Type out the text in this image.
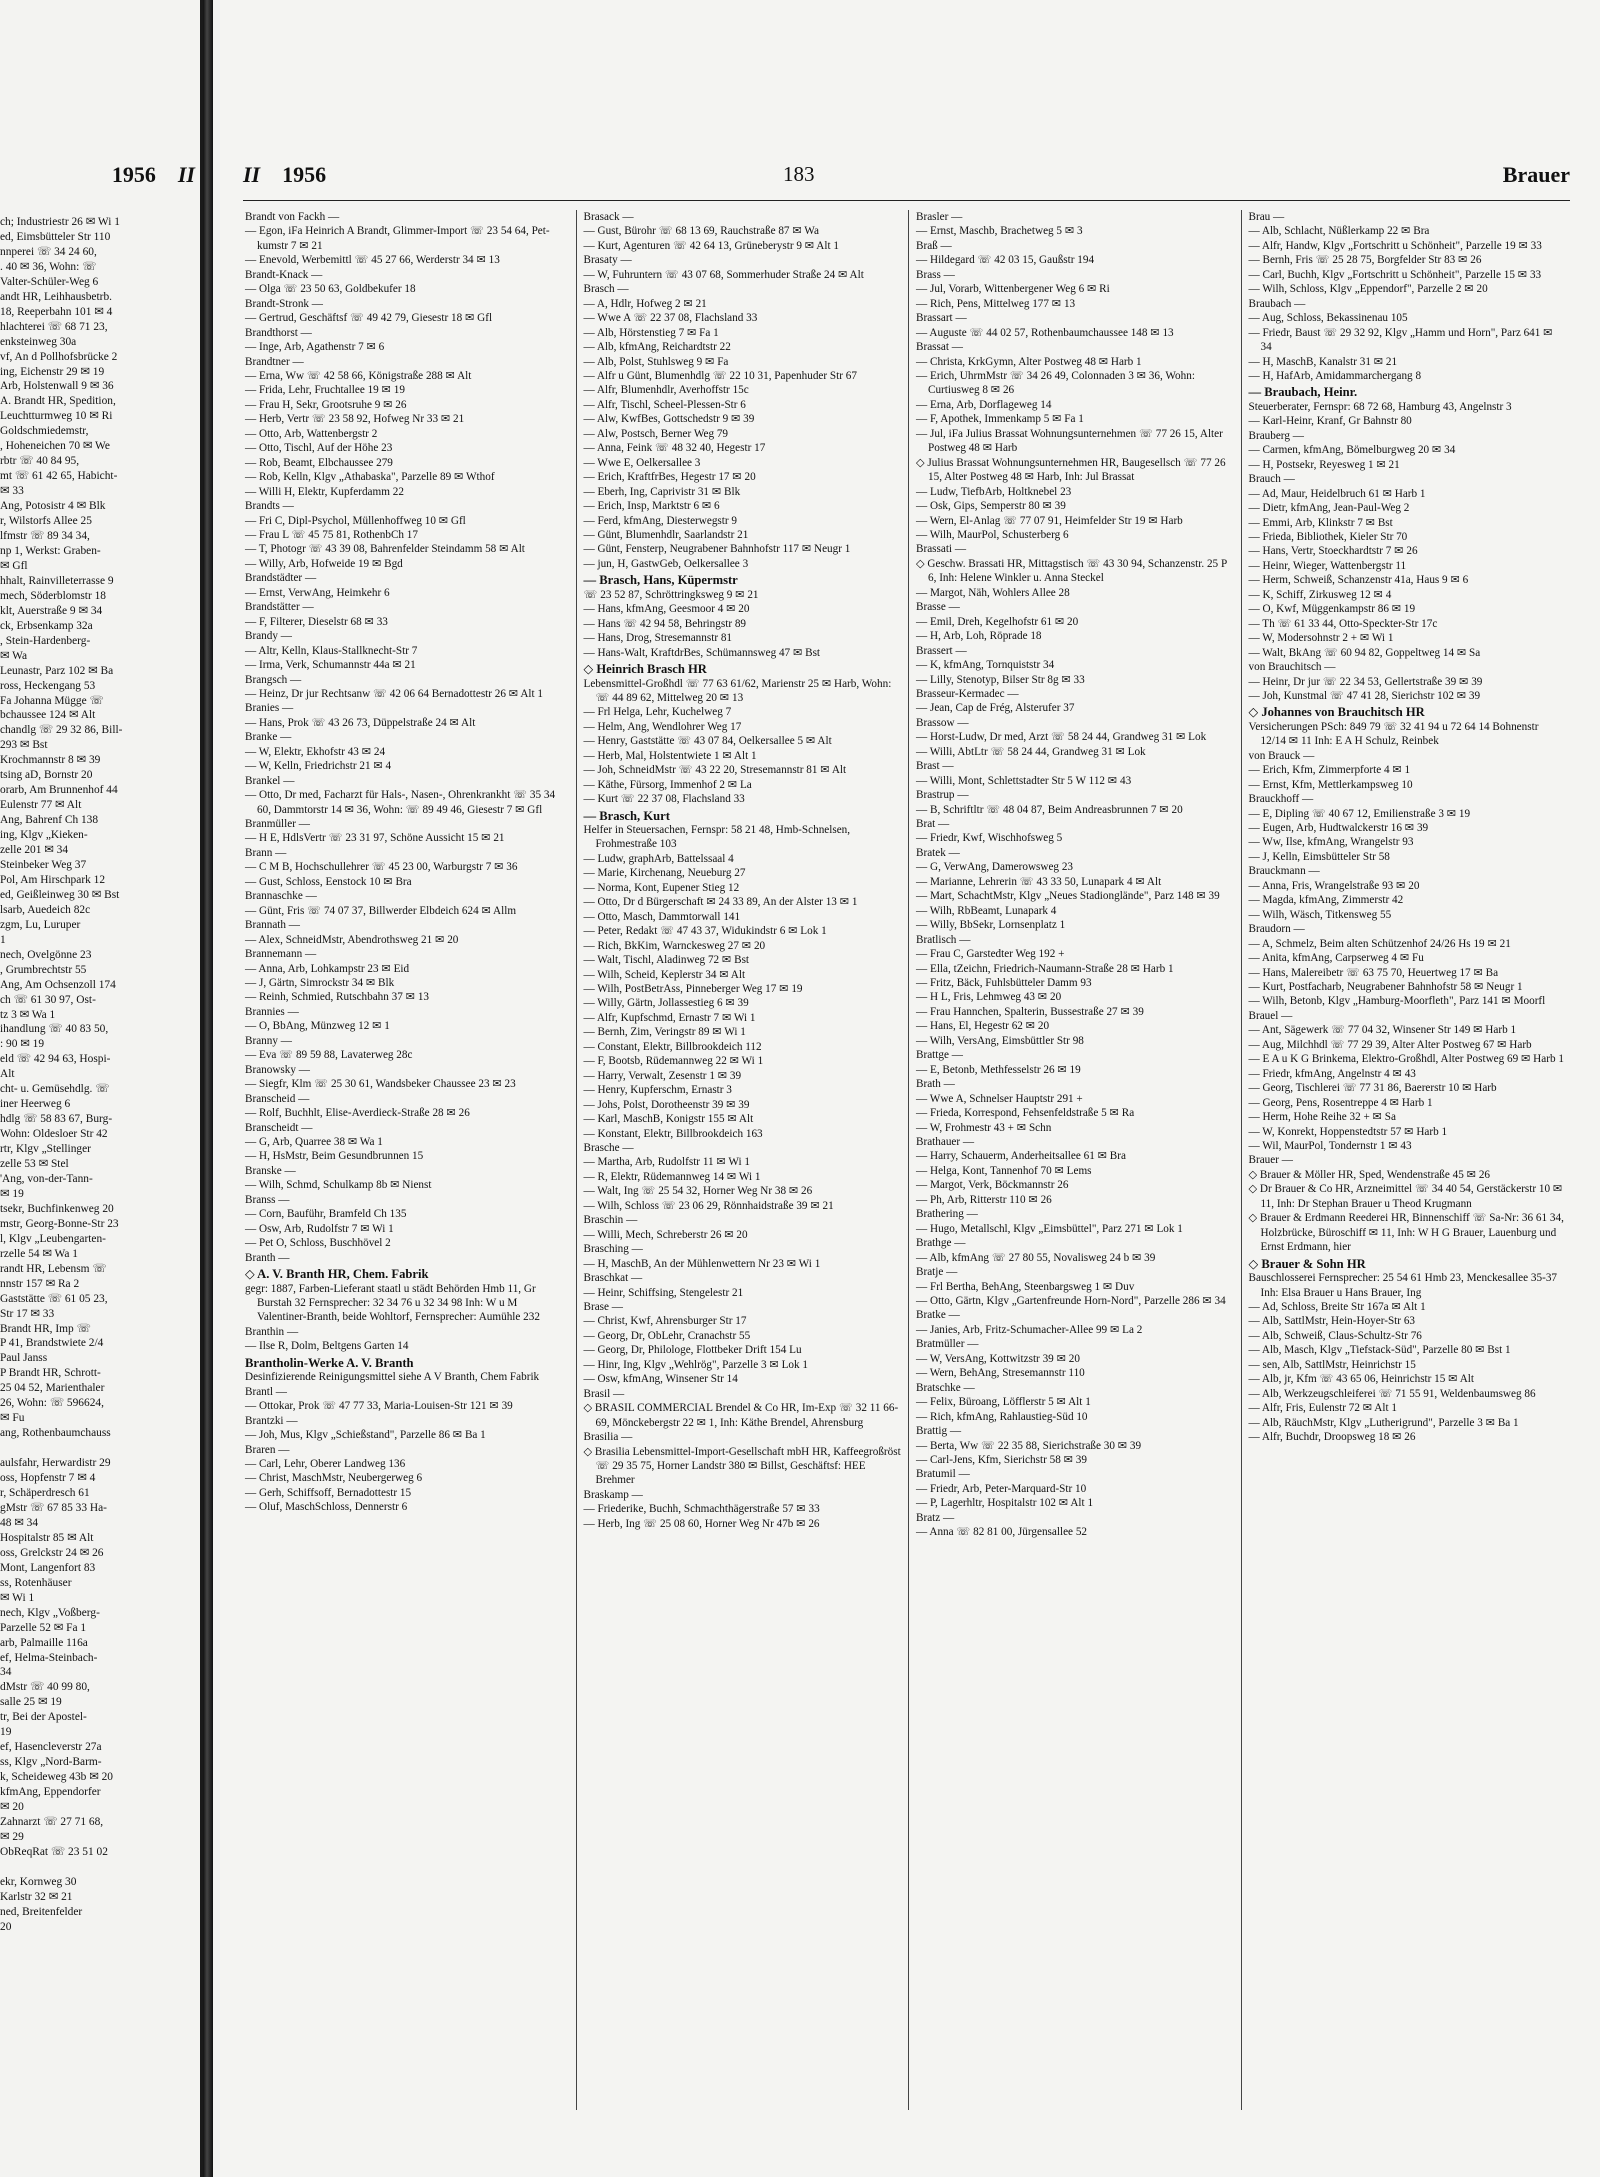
1956 II
ch; Industriestr 26 ✉ Wi 1
ed, Eimsbütteler Str 110
nnperei ☏ 34 24 60,
. 40 ✉ 36, Wohn: ☏
Valter-Schüler-Weg 6
andt HR, Leihhausbetrb.
18, Reeperbahn 101 ✉ 4
hlachterei ☏ 68 71 23,
enksteinweg 30a
vf, An d Pollhofsbrücke 2
ing, Eichenstr 29 ✉ 19
Arb, Holstenwall 9 ✉ 36
A. Brandt HR, Spedition,
Leuchtturmweg 10 ✉ Ri
Goldschmiedemstr,
, Hoheneichen 70 ✉ We
rbtr ☏ 40 84 95,
mt ☏ 61 42 65, Habicht-
✉ 33
Ang, Potosistr 4 ✉ Blk
r, Wilstorfs Allee 25
lfmstr ☏ 89 34 34,
np 1, Werkst: Graben-
✉ Gfl
hhalt, Rainvilleterrasse 9
mech, Söderblomstr 18
klt, Auerstraße 9 ✉ 34
ck, Erbsenkamp 32a
, Stein-Hardenberg-
✉ Wa
Leunastr, Parz 102 ✉ Ba
ross, Heckengang 53
Fa Johanna Mügge ☏
bchaussee 124 ✉ Alt
chandlg ☏ 29 32 86, Bill-
293 ✉ Bst
Krochmannstr 8 ✉ 39
tsing aD, Bornstr 20
orarb, Am Brunnenhof 44
Eulenstr 77 ✉ Alt
Ang, Bahrenf Ch 138
ing, Klgv „Kieken-
zelle 201 ✉ 34
Steinbeker Weg 37
Pol, Am Hirschpark 12
ed, Geißleinweg 30 ✉ Bst
lsarb, Auedeich 82c
zgm, Lu, Luruper
1
nech, Ovelgönne 23
, Grumbrechtstr 55
Ang, Am Ochsenzoll 174
ch ☏ 61 30 97, Ost-
tz 3 ✉ Wa 1
ihandlung ☏ 40 83 50,
: 90 ✉ 19
eld ☏ 42 94 63, Hospi-
Alt
cht- u. Gemüsehdlg. ☏
iner Heerweg 6
hdlg ☏ 58 83 67, Burg-
Wohn: Oldesloer Str 42
rtr, Klgv „Stellinger
zelle 53 ✉ Stel
'Ang, von-der-Tann-
✉ 19
tsekr, Buchfinkenweg 20
mstr, Georg-Bonne-Str 23
l, Klgv „Leubengarten-
rzelle 54 ✉ Wa 1
randt HR, Lebensm ☏
nnstr 157 ✉ Ra 2
Gaststätte ☏ 61 05 23,
Str 17 ✉ 33
Brandt HR, Imp ☏
P 41, Brandstwiete 2/4
Paul Janss
P Brandt HR, Schrott-
25 04 52, Marienthaler
26, Wohn: ☏ 596624,
✉ Fu
ang, Rothenbaumchauss

aulsfahr, Herwardistr 29
oss, Hopfenstr 7 ✉ 4
r, Schäperdresch 61
gMstr ☏ 67 85 33 Ha-
48 ✉ 34
Hospitalstr 85 ✉ Alt
oss, Grelckstr 24 ✉ 26
Mont, Langenfort 83
ss, Rotenhäuser
✉ Wi 1
nech, Klgv „Voßberg-
Parzelle 52 ✉ Fa 1
arb, Palmaille 116a
ef, Helma-Steinbach-
34
dMstr ☏ 40 99 80,
salle 25 ✉ 19
tr, Bei der Apostel-
19
ef, Hasencleverstr 27a
ss, Klgv „Nord-Barm-
k, Scheideweg 43b ✉ 20
kfmAng, Eppendorfer
✉ 20
Zahnarzt ☏ 27 71 68,
✉ 29
ObReqRat ☏ 23 51 02

ekr, Kornweg 30
Karlstr 32 ✉ 21
ned, Breitenfelder
20
II 1956	183	Brauer
Brandt von Fackh —
— Egon, iFa Heinrich A Brandt, Glimmer-Import ☏ 23 54 64, Pet-kumstr 7 ✉ 21
— Enevold, Werbemittl ☏ 45 27 66, Werderstr 34 ✉ 13
Brandt-Knack —
— Olga ☏ 23 50 63, Goldbekufer 18
Brandt-Stronk —
— Gertrud, Geschäftsf ☏ 49 42 79, Giesestr 18 ✉ Gfl
Brandthorst —
— Inge, Arb, Agathenstr 7 ✉ 6
Brandtner —
— Erna, Ww ☏ 42 58 66, Königstraße 288 ✉ Alt
— Frida, Lehr, Fruchtallee 19 ✉ 19
— Frau H, Sekr, Grootsruhe 9 ✉ 26
— Herb, Vertr ☏ 23 58 92, Hofweg Nr 33 ✉ 21
— Otto, Arb, Wattenbergstr 2
— Otto, Tischl, Auf der Höhe 23
— Rob, Beamt, Elbchaussee 279
— Rob, Kelln, Klgv „Athabaska", Parzelle 89 ✉ Wthof
— Willi H, Elektr, Kupferdamm 22
Brandts —
— Fri C, Dipl-Psychol, Müllenhoffweg 10 ✉ Gfl
— Frau L ☏ 45 75 81, RothenbCh 17
— T, Photogr ☏ 43 39 08, Bahrenfelder Steindamm 58 ✉ Alt
— Willy, Arb, Hofweide 19 ✉ Bgd
Brandstädter —
— Ernst, VerwAng, Heimkehr 6
Brandstätter —
— F, Filterer, Dieselstr 68 ✉ 33
Brandy —
— Altr, Kelln, Klaus-Stallknecht-Str 7
— Irma, Verk, Schumannstr 44a ✉ 21
Brangsch —
— Heinz, Dr jur Rechtsanw ☏ 42 06 64 Bernadottestr 26 ✉ Alt 1
Branies —
— Hans, Prok ☏ 43 26 73, Düppelstraße 24 ✉ Alt
Branke —
— W, Elektr, Ekhofstr 43 ✉ 24
— W, Kelln, Friedrichstr 21 ✉ 4
Brankel —
— Otto, Dr med, Facharzt für Hals-, Nasen-, Ohrenkrankht ☏ 35 34 60, Dammtorstr 14 ✉ 36, Wohn: ☏ 89 49 46, Giesestr 7 ✉ Gfl
Branmüller —
— H E, HdlsVertr ☏ 23 31 97, Schöne Aussicht 15 ✉ 21
Brann —
— C M B, Hochschullehrer ☏ 45 23 00, Warburgstr 7 ✉ 36
— Gust, Schloss, Eenstock 10 ✉ Bra
Brannaschke —
— Günt, Fris ☏ 74 07 37, Billwerder Elbdeich 624 ✉ Allm
Brannath —
— Alex, SchneidMstr, Abendrothsweg 21 ✉ 20
Brannemann —
— Anna, Arb, Lohkampstr 23 ✉ Eid
— J, Gärtn, Simrockstr 34 ✉ Blk
— Reinh, Schmied, Rutschbahn 37 ✉ 13
Brannies —
— O, BbAng, Münzweg 12 ✉ 1
Branny —
— Eva ☏ 89 59 88, Lavaterweg 28c
Branowsky —
— Siegfr, Klm ☏ 25 30 61, Wandsbeker Chaussee 23 ✉ 23
Branscheid —
— Rolf, Buchhlt, Elise-Averdieck-Straße 28 ✉ 26
Branscheidt —
— G, Arb, Quarree 38 ✉ Wa 1
— H, HsMstr, Beim Gesundbrunnen 15
Branske —
— Wilh, Schmd, Schulkamp 8b ✉ Nienst
Branss —
— Corn, Bauführ, Bramfeld Ch 135
— Osw, Arb, Rudolfstr 7 ✉ Wi 1
— Pet O, Schloss, Buschhövel 2
Branth —
◇ A. V. Branth HR, Chem. Fabrik
gegr: 1887, Farben-Lieferant staatl u städt Behörden Hmb 11, Gr Burstah 32 Fernsprecher: 32 34 76 u 32 34 98 Inh: W u M Valentiner-Branth, beide Wohltorf, Fernsprecher: Aumühle 232
Branthin —
— Ilse R, Dolm, Beltgens Garten 14
Brantholin-Werke A. V. Branth
Desinfizierende Reinigungsmittel siehe A V Branth, Chem Fabrik
Brantl —
— Ottokar, Prok ☏ 47 77 33, Maria-Louisen-Str 121 ✉ 39
Brantzki —
— Joh, Mus, Klgv „Schießstand", Parzelle 86 ✉ Ba 1
Braren —
— Carl, Lehr, Oberer Landweg 136
— Christ, MaschMstr, Neubergerweg 6
— Gerh, Schiffsoff, Bernadottestr 15
— Oluf, MaschSchloss, Dennerstr 6
Brasack —
— Gust, Bürohr ☏ 68 13 69, Rauchstraße 87 ✉ Wa
— Kurt, Agenturen ☏ 42 64 13, Grüneberystr 9 ✉ Alt 1
Brasaty —
— W, Fuhruntern ☏ 43 07 68, Sommerhuder Straße 24 ✉ Alt
Brasch —
— A, Hdlr, Hofweg 2 ✉ 21
— Wwe A ☏ 22 37 08, Flachsland 33
— Alb, Hörstenstieg 7 ✉ Fa 1
— Alb, kfmAng, Reichardtstr 22
— Alb, Polst, Stuhlsweg 9 ✉ Fa
— Alfr u Günt, Blumenhdlg ☏ 22 10 31, Papenhuder Str 67
— Alfr, Blumenhdlr, Averhoffstr 15c
— Alfr, Tischl, Scheel-Plessen-Str 6
— Alw, KwfBes, Gottschedstr 9 ✉ 39
— Alw, Postsch, Berner Weg 79
— Anna, Feink ☏ 48 32 40, Hegestr 17
— Wwe E, Oelkersallee 3
— Erich, KraftfrBes, Hegestr 17 ✉ 20
— Eberh, Ing, Caprivistr 31 ✉ Blk
— Erich, Insp, Marktstr 6 ✉ 6
— Ferd, kfmAng, Diesterwegstr 9
— Günt, Blumenhdlr, Saarlandstr 21
— Günt, Fensterp, Neugrabener Bahnhofstr 117 ✉ Neugr 1
— jun, H, GastwGeb, Oelkersallee 3
— Brasch, Hans, Küpermstr
☏ 23 52 87, Schröttringksweg 9 ✉ 21
— Hans, kfmAng, Geesmoor 4 ✉ 20
— Hans ☏ 42 94 58, Behringstr 89
— Hans, Drog, Stresemannstr 81
— Hans-Walt, KraftdrBes, Schümannsweg 47 ✉ Bst
◇ Heinrich Brasch HR
Lebensmittel-Großhdl ☏ 77 63 61/62, Marienstr 25 ✉ Harb, Wohn: ☏ 44 89 62, Mittelweg 20 ✉ 13
— Frl Helga, Lehr, Kuchelweg 7
— Helm, Ang, Wendlohrer Weg 17
— Henry, Gaststätte ☏ 43 07 84, Oelkersallee 5 ✉ Alt
— Herb, Mal, Holstentwiete 1 ✉ Alt 1
— Joh, SchneidMstr ☏ 43 22 20, Stresemannstr 81 ✉ Alt
— Käthe, Fürsorg, Immenhof 2 ✉ La
— Kurt ☏ 22 37 08, Flachsland 33
— Brasch, Kurt
Helfer in Steuersachen, Fernspr: 58 21 48, Hmb-Schnelsen, Frohmestraße 103
— Ludw, graphArb, Battelssaal 4
— Marie, Kirchenang, Neueburg 27
— Norma, Kont, Eupener Stieg 12
— Otto, Dr d Bürgerschaft ✉ 24 33 89, An der Alster 13 ✉ 1
— Otto, Masch, Dammtorwall 141
— Peter, Redakt ☏ 47 43 37, Widukindstr 6 ✉ Lok 1
— Rich, BkKim, Warnckesweg 27 ✉ 20
— Walt, Tischl, Aladinweg 72 ✉ Bst
— Wilh, Scheid, Keplerstr 34 ✉ Alt
— Wilh, PostBetrAss, Pinneberger Weg 17 ✉ 19
— Willy, Gärtn, Jollassestieg 6 ✉ 39
— Alfr, Kupfschmd, Ernastr 7 ✉ Wi 1
— Bernh, Zim, Veringstr 89 ✉ Wi 1
— Constant, Elektr, Billbrookdeich 112
— F, Bootsb, Rüdemannweg 22 ✉ Wi 1
— Harry, Verwalt, Zesenstr 1 ✉ 39
— Henry, Kupferschm, Ernastr 3
— Johs, Polst, Dorotheenstr 39 ✉ 39
— Karl, MaschB, Konigstr 155 ✉ Alt
— Konstant, Elektr, Billbrookdeich 163
Brasche —
— Martha, Arb, Rudolfstr 11 ✉ Wi 1
— R, Elektr, Rüdemannweg 14 ✉ Wi 1
— Walt, Ing ☏ 25 54 32, Horner Weg Nr 38 ✉ 26
— Wilh, Schloss ☏ 23 06 29, Rönnhaidstraße 39 ✉ 21
Braschin —
— Willi, Mech, Schreberstr 26 ✉ 20
Brasching —
— H, MaschB, An der Mühlenwettern Nr 23 ✉ Wi 1
Braschkat —
— Heinr, Schiffsing, Stengelestr 21
Brase —
— Christ, Kwf, Ahrensburger Str 17
— Georg, Dr, ObLehr, Cranachstr 55
— Georg, Dr, Philologe, Flottbeker Drift 154 Lu
— Hinr, Ing, Klgv „Wehlrög", Parzelle 3 ✉ Lok 1
— Osw, kfmAng, Winsener Str 14
Brasil —
◇ BRASIL COMMERCIAL Brendel & Co HR, Im-Exp ☏ 32 11 66-69, Mönckebergstr 22 ✉ 1, Inh: Käthe Brendel, Ahrensburg
Brasilia —
◇ Brasilia Lebensmittel-Import-Gesellschaft mbH HR, Kaffeegroßröst ☏ 29 35 75, Horner Landstr 380 ✉ Billst, Geschäftsf: HEE Brehmer
Braskamp —
— Friederike, Buchh, Schmachthägerstraße 57 ✉ 33
— Herb, Ing ☏ 25 08 60, Horner Weg Nr 47b ✉ 26
Brasler —
— Ernst, Maschb, Brachetweg 5 ✉ 3
Braß —
— Hildegard ☏ 42 03 15, Gaußstr 194
Brass —
— Jul, Vorarb, Wittenbergener Weg 6 ✉ Ri
— Rich, Pens, Mittelweg 177 ✉ 13
Brassart —
— Auguste ☏ 44 02 57, Rothenbaumchaussee 148 ✉ 13
Brassat —
— Christa, KrkGymn, Alter Postweg 48 ✉ Harb 1
— Erich, UhrmMstr ☏ 34 26 49, Colonnaden 3 ✉ 36, Wohn: Curtiusweg 8 ✉ 26
— Erna, Arb, Dorflageweg 14
— F, Apothek, Immenkamp 5 ✉ Fa 1
— Jul, iFa Julius Brassat Wohnungsunternehmen ☏ 77 26 15, Alter Postweg 48 ✉ Harb
◇ Julius Brassat Wohnungsunternehmen HR, Baugesellsch ☏ 77 26 15, Alter Postweg 48 ✉ Harb, Inh: Jul Brassat
— Ludw, TiefbArb, Holtknebel 23
— Osk, Gips, Semperstr 80 ✉ 39
— Wern, El-Anlag ☏ 77 07 91, Heimfelder Str 19 ✉ Harb
— Wilh, MaurPol, Schusterberg 6
Brassati —
◇ Geschw. Brassati HR, Mittagstisch ☏ 43 30 94, Schanzenstr. 25 P 6, Inh: Helene Winkler u. Anna Steckel
— Margot, Näh, Wohlers Allee 28
Brasse —
— Emil, Dreh, Kegelhofstr 61 ✉ 20
— H, Arb, Loh, Röprade 18
Brassert —
— K, kfmAng, Tornquiststr 34
— Lilly, Stenotyp, Bilser Str 8g ✉ 33
Brasseur-Kermadec —
— Jean, Cap de Frég, Alsterufer 37
Brassow —
— Horst-Ludw, Dr med, Arzt ☏ 58 24 44, Grandweg 31 ✉ Lok
— Willi, AbtLtr ☏ 58 24 44, Grandweg 31 ✉ Lok
Brast —
— Willi, Mont, Schlettstadter Str 5 W 112 ✉ 43
Brastrup —
— B, Schriftltr ☏ 48 04 87, Beim Andreasbrunnen 7 ✉ 20
Brat —
— Friedr, Kwf, Wischhofsweg 5
Bratek —
— G, VerwAng, Damerowsweg 23
— Marianne, Lehrerin ☏ 43 33 50, Lunapark 4 ✉ Alt
— Mart, SchachtMstr, Klgv „Neues Stadionglände", Parz 148 ✉ 39
— Wilh, RbBeamt, Lunapark 4
— Willy, BbSekr, Lornsenplatz 1
Bratlisch —
— Frau C, Garstedter Weg 192 +
— Ella, tZeichn, Friedrich-Naumann-Straße 28 ✉ Harb 1
— Fritz, Bäck, Fuhlsbütteler Damm 93
— H L, Fris, Lehmweg 43 ✉ 20
— Frau Hannchen, Spalterin, Bussestraße 27 ✉ 39
— Hans, El, Hegestr 62 ✉ 20
— Wilh, VersAng, Eimsbüttler Str 98
Brattge —
— E, Betonb, Methfesselstr 26 ✉ 19
Brath —
— Wwe A, Schnelser Hauptstr 291 +
— Frieda, Korrespond, Fehsenfeldstraße 5 ✉ Ra
— W, Frohmestr 43 + ✉ Schn
Brathauer —
— Harry, Schauerm, Anderheitsallee 61 ✉ Bra
— Helga, Kont, Tannenhof 70 ✉ Lems
— Margot, Verk, Böckmannstr 26
— Ph, Arb, Ritterstr 110 ✉ 26
Brathering —
— Hugo, Metallschl, Klgv „Eimsbüttel", Parz 271 ✉ Lok 1
Brathge —
— Alb, kfmAng ☏ 27 80 55, Novalisweg 24 b ✉ 39
Bratje —
— Frl Bertha, BehAng, Steenbargsweg 1 ✉ Duv
— Otto, Gärtn, Klgv „Gartenfreunde Horn-Nord", Parzelle 286 ✉ 34
Bratke —
— Janies, Arb, Fritz-Schumacher-Allee 99 ✉ La 2
Bratmüller —
— W, VersAng, Kottwitzstr 39 ✉ 20
— Wern, BehAng, Stresemannstr 110
Bratschke —
— Felix, Büroang, Löfflerstr 5 ✉ Alt 1
— Rich, kfmAng, Rahlaustieg-Süd 10
Brattig —
— Berta, Ww ☏ 22 35 88, Sierichstraße 30 ✉ 39
— Carl-Jens, Kfm, Sierichstr 58 ✉ 39
Bratumil —
— Friedr, Arb, Peter-Marquard-Str 10
— P, Lagerhltr, Hospitalstr 102 ✉ Alt 1
Bratz —
— Anna ☏ 82 81 00, Jürgensallee 52
Brau —
— Alb, Schlacht, Nüßlerkamp 22 ✉ Bra
— Alfr, Handw, Klgv „Fortschritt u Schönheit", Parzelle 19 ✉ 33
— Bernh, Fris ☏ 25 28 75, Borgfelder Str 83 ✉ 26
— Carl, Buchh, Klgv „Fortschritt u Schönheit", Parzelle 15 ✉ 33
— Wilh, Schloss, Klgv „Eppendorf", Parzelle 2 ✉ 20
Braubach —
— Aug, Schloss, Bekassinenau 105
— Friedr, Baust ☏ 29 32 92, Klgv „Hamm und Horn", Parz 641 ✉ 34
— H, MaschB, Kanalstr 31 ✉ 21
— H, HafArb, Amidammarchergang 8
— Braubach, Heinr.
Steuerberater, Fernspr: 68 72 68, Hamburg 43, Angelnstr 3
— Karl-Heinr, Kranf, Gr Bahnstr 80
Brauberg —
— Carmen, kfmAng, Bömelburgweg 20 ✉ 34
— H, Postsekr, Reyesweg 1 ✉ 21
Brauch —
— Ad, Maur, Heidelbruch 61 ✉ Harb 1
— Dietr, kfmAng, Jean-Paul-Weg 2
— Emmi, Arb, Klinkstr 7 ✉ Bst
— Frieda, Bibliothek, Kieler Str 70
— Hans, Vertr, Stoeckhardtstr 7 ✉ 26
— Heinr, Wieger, Wattenbergstr 11
— Herm, Schweiß, Schanzenstr 41a, Haus 9 ✉ 6
— K, Schiff, Zirkusweg 12 ✉ 4
— O, Kwf, Müggenkampstr 86 ✉ 19
— Th ☏ 61 33 44, Otto-Speckter-Str 17c
— W, Modersohnstr 2 + ✉ Wi 1
— Walt, BkAng ☏ 60 94 82, Goppeltweg 14 ✉ Sa
von Brauchitsch —
— Heinr, Dr jur ☏ 22 34 53, Gellertstraße 39 ✉ 39
— Joh, Kunstmal ☏ 47 41 28, Sierichstr 102 ✉ 39
◇ Johannes von Brauchitsch HR
Versicherungen PSch: 849 79 ☏ 32 41 94 u 72 64 14 Bohnenstr 12/14 ✉ 11 Inh: E A H Schulz, Reinbek
von Brauck —
— Erich, Kfm, Zimmerpforte 4 ✉ 1
— Ernst, Kfm, Mettlerkampsweg 10
Brauckhoff —
— E, Dipling ☏ 40 67 12, Emilienstraße 3 ✉ 19
— Eugen, Arb, Hudtwalckerstr 16 ✉ 39
— Ww, Ilse, kfmAng, Wrangelstr 93
— J, Kelln, Eimsbütteler Str 58
Brauckmann —
— Anna, Fris, Wrangelstraße 93 ✉ 20
— Magda, kfmAng, Zimmerstr 42
— Wilh, Wäsch, Titkensweg 55
Braudorn —
— A, Schmelz, Beim alten Schützenhof 24/26 Hs 19 ✉ 21
— Anita, kfmAng, Carpserweg 4 ✉ Fu
— Hans, Malereibetr ☏ 63 75 70, Heuertweg 17 ✉ Ba
— Kurt, Postfacharb, Neugrabener Bahnhofstr 58 ✉ Neugr 1
— Wilh, Betonb, Klgv „Hamburg-Moorfleth", Parz 141 ✉ Moorfl
Brauel —
— Ant, Sägewerk ☏ 77 04 32, Winsener Str 149 ✉ Harb 1
— Aug, Milchhdl ☏ 77 29 39, Alter Alter Postweg 67 ✉ Harb
— E A u K G Brinkema, Elektro-Großhdl, Alter Postweg 69 ✉ Harb 1
— Friedr, kfmAng, Angelnstr 4 ✉ 43
— Georg, Tischlerei ☏ 77 31 86, Baererstr 10 ✉ Harb
— Georg, Pens, Rosentreppe 4 ✉ Harb 1
— Herm, Hohe Reihe 32 + ✉ Sa
— W, Konrekt, Hoppenstedtstr 57 ✉ Harb 1
— Wil, MaurPol, Tondernstr 1 ✉ 43
Brauer —
◇ Brauer & Möller HR, Sped, Wendenstraße 45 ✉ 26
◇ Dr Brauer & Co HR, Arzneimittel ☏ 34 40 54, Gerstäckerstr 10 ✉ 11, Inh: Dr Stephan Brauer u Theod Krugmann
◇ Brauer & Erdmann Reederei HR, Binnenschiff ☏ Sa-Nr: 36 61 34, Holzbrücke, Büroschiff ✉ 11, Inh: W H G Brauer, Lauenburg und Ernst Erdmann, hier
◇ Brauer & Sohn HR
Bauschlosserei Fernsprecher: 25 54 61 Hmb 23, Menckesallee 35-37 Inh: Elsa Brauer u Hans Brauer, Ing
— Ad, Schloss, Breite Str 167a ✉ Alt 1
— Alb, SattlMstr, Hein-Hoyer-Str 63
— Alb, Schweiß, Claus-Schultz-Str 76
— Alb, Masch, Klgv „Tiefstack-Süd", Parzelle 80 ✉ Bst 1
— sen, Alb, SattlMstr, Heinrichstr 15
— Alb, jr, Kfm ☏ 43 65 06, Heinrichstr 15 ✉ Alt
— Alb, Werkzeugschleiferei ☏ 71 55 91, Weldenbaumsweg 86
— Alfr, Fris, Eulenstr 72 ✉ Alt 1
— Alb, RäuchMstr, Klgv „Lutherigrund", Parzelle 3 ✉ Ba 1
— Alfr, Buchdr, Droopsweg 18 ✉ 26
